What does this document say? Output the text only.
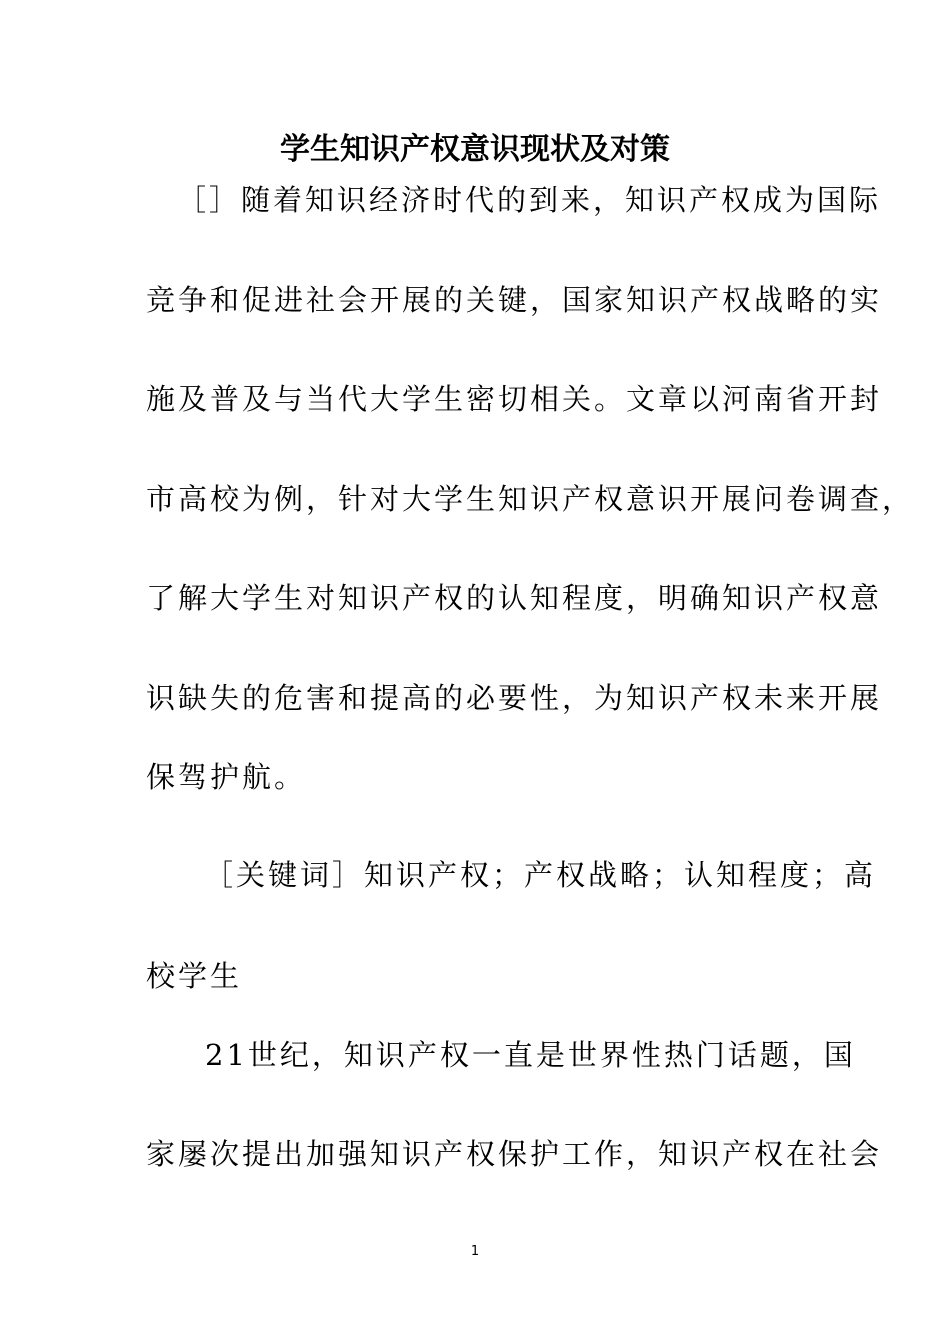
学生知识产权意识现状及对策
［］随着知识经济时代的到来，知识产权成为国际
竞争和促进社会开展的关键，国家知识产权战略的实
施及普及与当代大学生密切相关。文章以河南省开封
市高校为例，针对大学生知识产权意识开展问卷调查，
了解大学生对知识产权的认知程度，明确知识产权意
识缺失的危害和提高的必要性，为知识产权未来开展
保驾护航。
［关键词］知识产权；产权战略；认知程度；高
校学生
21世纪，知识产权一直是世界性热门话题，国
家屡次提出加强知识产权保护工作，知识产权在社会
1
